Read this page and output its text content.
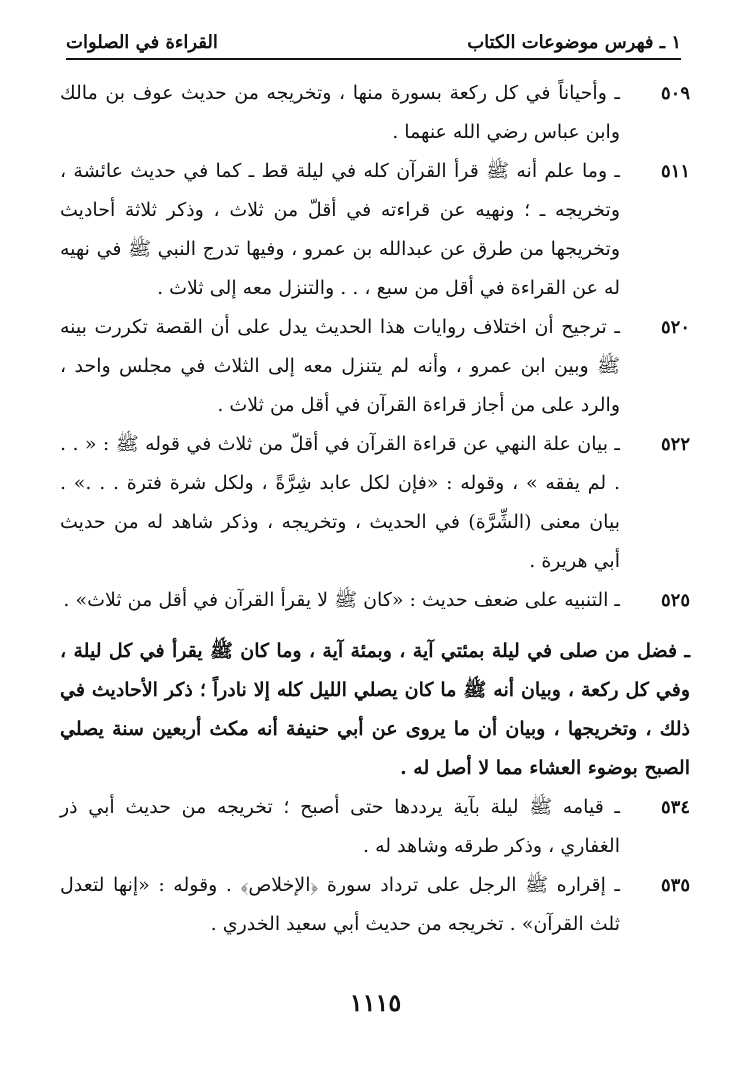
١ ـ فهرس موضوعات الكتاب
القراءة في الصلوات
٥٠٩
ـ وأحياناً في كل ركعة بسورة منها ، وتخريجه من حديث عوف بن مالك وابن عباس رضي الله عنهما .
٥١١
ـ وما علم أنه ﷺ قرأ القرآن كله في ليلة قط ـ كما في حديث عائشة ، وتخريجه ـ ؛ ونهيه عن قراءته في أقلّ من ثلاث ، وذكر ثلاثة أحاديث وتخريجها من طرق عن عبدالله بن عمرو ، وفيها تدرج النبي ﷺ في نهيه له عن القراءة في أقل من سبع ، . . والتنزل معه إلى ثلاث .
٥٢٠
ـ ترجيح أن اختلاف روايات هذا الحديث يدل على أن القصة تكررت بينه ﷺ وبين ابن عمرو ، وأنه لم يتنزل معه إلى الثلاث في مجلس واحد ، والرد على من أجاز قراءة القرآن في أقل من ثلاث .
٥٢٢
ـ بيان علة النهي عن قراءة القرآن في أقلّ من ثلاث في قوله ﷺ : « . . . لم يفقه » ، وقوله : «فإن لكل عابد شِرَّةً ، ولكل شرة فترة . . .» . بيان معنى (الشِّرَّة) في الحديث ، وتخريجه ، وذكر شاهد له من حديث أبي هريرة .
٥٢٥
ـ التنبيه على ضعف حديث : «كان ﷺ لا يقرأ القرآن في أقل من ثلاث» .
ـ فضل من صلى في ليلة بمئتي آية ، وبمئة آية ، وما كان ﷺ يقرأ في كل ليلة ، وفي كل ركعة ، وبيان أنه ﷺ ما كان يصلي الليل كله إلا نادراً ؛ ذكر الأحاديث في ذلك ، وتخريجها ، وبيان أن ما يروى عن أبي حنيفة أنه مكث أربعين سنة يصلي الصبح بوضوء العشاء مما لا أصل له .
٥٣٤
ـ قيامه ﷺ ليلة بآية يرددها حتى أصبح ؛ تخريجه من حديث أبي ذر الغفاري ، وذكر طرقه وشاهد له .
٥٣٥
ـ إقراره ﷺ الرجل على ترداد سورة ﴿الإخلاص﴾ . وقوله : «إنها لتعدل ثلث القرآن» . تخريجه من حديث أبي سعيد الخدري .
١١١٥
